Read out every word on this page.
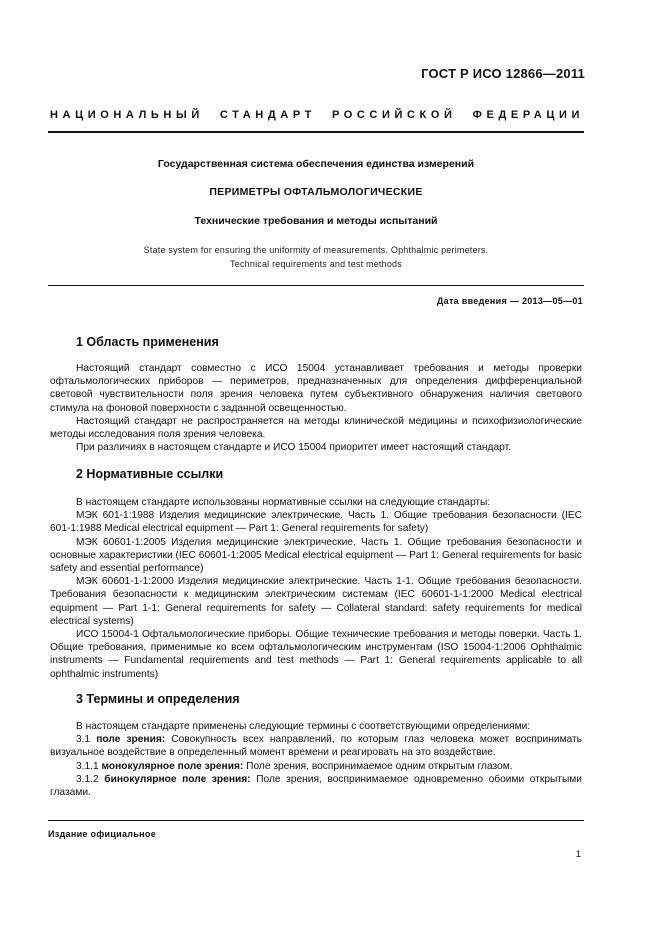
ГОСТ Р ИСО 12866—2011
НАЦИОНАЛЬНЫЙ СТАНДАРТ РОССИЙСКОЙ ФЕДЕРАЦИИ
Государственная система обеспечения единства измерений
ПЕРИМЕТРЫ ОФТАЛЬМОЛОГИЧЕСКИЕ
Технические требования и методы испытаний
State system for ensuring the uniformity of measurements. Ophthalmic perimeters.
Technical requirements and test methods
Дата введения — 2013—05—01
1 Область применения

Настоящий стандарт совместно с ИСО 15004 устанавливает требования и методы проверки офтальмологических приборов — периметров, предназначенных для определения дифференциальной световой чувствительности поля зрения человека путем субъективного обнаружения наличия светового стимула на фоновой поверхности с заданной освещенностью.

Настоящий стандарт не распространяется на методы клинической медицины и психофизиологические методы исследования поля зрения человека.

При различиях в настоящем стандарте и ИСО 15004 приоритет имеет настоящий стандарт.

2 Нормативные ссылки

В настоящем стандарте использованы нормативные ссылки на следующие стандарты:

МЭК 601-1:1988 Изделия медицинские электрические. Часть 1. Общие требования безопасности (IEC 601-1:1988 Medical electrical equipment — Part 1: General requirements for safety)

МЭК 60601-1:2005 Изделия медицинские электрические. Часть 1. Общие требования безопасности и основные характеристики (IEC 60601-1:2005 Medical electrical equipment — Part 1: General requirements for basic safety and essential performance)

МЭК 60601-1-1:2000 Изделия медицинские электрические. Часть 1-1. Общие требования безопасности. Требования безопасности к медицинским электрическим системам (IEC 60601-1-1:2000 Medical electrical equipment — Part 1-1: General requirements for safety — Collateral standard: safety requirements for medical electrical systems)

ИСО 15004-1 Офтальмологические приборы. Общие технические требования и методы поверки. Часть 1. Общие требования, применимые ко всем офтальмологическим инструментам (ISO 15004-1:2006 Ophthalmic instruments — Fundamental requirements and test methods — Part 1: General requirements applicable to all ophthalmic instruments)

3 Термины и определения

В настоящем стандарте применены следующие термины с соответствующими определениями:

3.1 поле зрения: Совокупность всех направлений, по которым глаз человека может воспринимать визуальное воздействие в определенный момент времени и реагировать на это воздействие.

3.1.1 монокулярное поле зрения: Поле зрения, воспринимаемое одним открытым глазом.

3.1.2 бинокулярное поле зрения: Поле зрения, воспринимаемое одновременно обоими открытыми глазами.

Издание официальное
1
